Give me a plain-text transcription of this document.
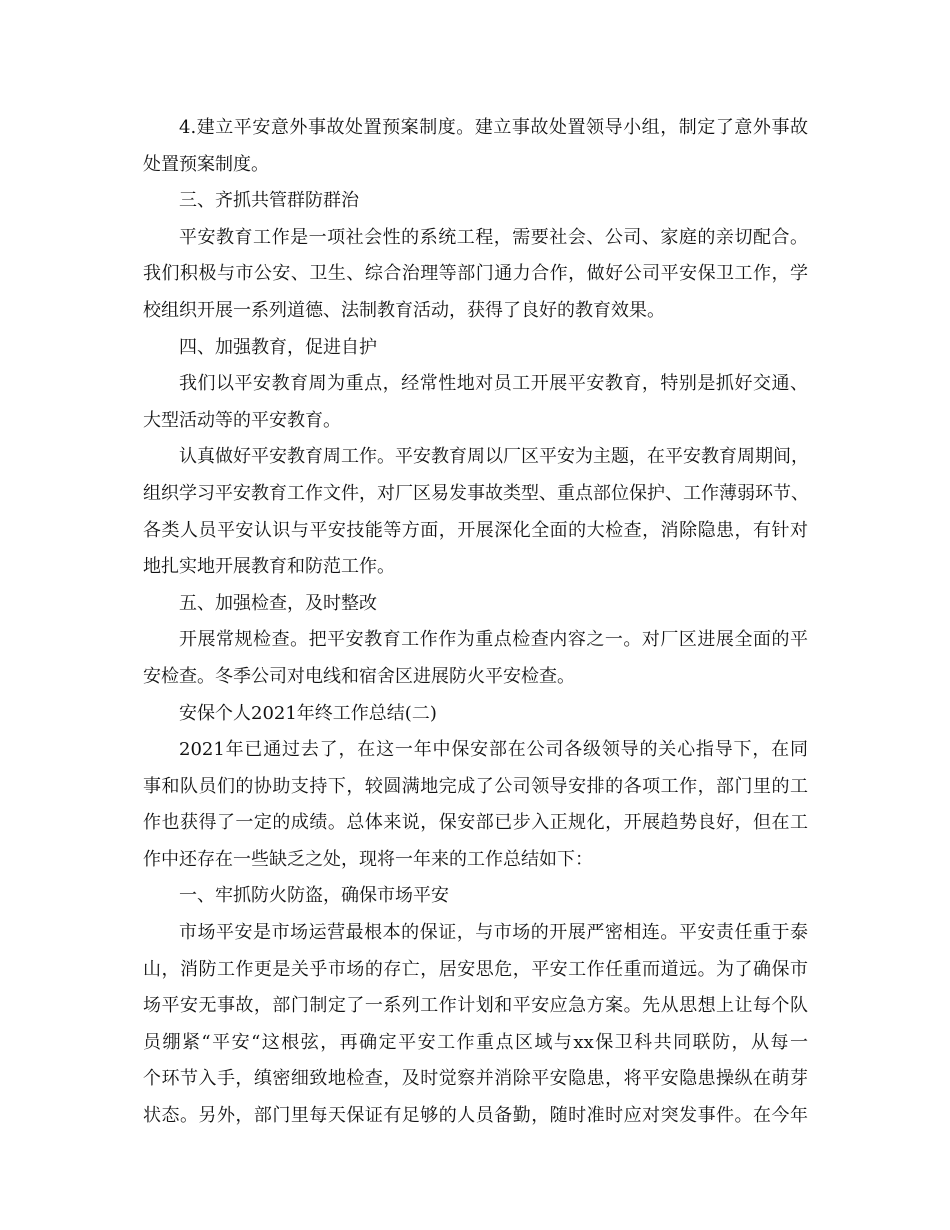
4.建立平安意外事故处置预案制度。建立事故处置领导小组，制定了意外事故
处置预案制度。
三、齐抓共管群防群治
平安教育工作是一项社会性的系统工程，需要社会、公司、家庭的亲切配合。
我们积极与市公安、卫生、综合治理等部门通力合作，做好公司平安保卫工作，学
校组织开展一系列道德、法制教育活动，获得了良好的教育效果。
四、加强教育，促进自护
我们以平安教育周为重点，经常性地对员工开展平安教育，特别是抓好交通、
大型活动等的平安教育。
认真做好平安教育周工作。平安教育周以厂区平安为主题，在平安教育周期间，
组织学习平安教育工作文件，对厂区易发事故类型、重点部位保护、工作薄弱环节、
各类人员平安认识与平安技能等方面，开展深化全面的大检查，消除隐患，有针对
地扎实地开展教育和防范工作。
五、加强检查，及时整改
开展常规检查。把平安教育工作作为重点检查内容之一。对厂区进展全面的平
安检查。冬季公司对电线和宿舍区进展防火平安检查。
安保个人2021年终工作总结(二)
2021年已通过去了，在这一年中保安部在公司各级领导的关心指导下，在同
事和队员们的协助支持下，较圆满地完成了公司领导安排的各项工作，部门里的工
作也获得了一定的成绩。总体来说，保安部已步入正规化，开展趋势良好，但在工
作中还存在一些缺乏之处，现将一年来的工作总结如下：
一、牢抓防火防盗，确保市场平安
市场平安是市场运营最根本的保证，与市场的开展严密相连。平安责任重于泰
山，消防工作更是关乎市场的存亡，居安思危，平安工作任重而道远。为了确保市
场平安无事故，部门制定了一系列工作计划和平安应急方案。先从思想上让每个队
员绷紧“平安“这根弦，再确定平安工作重点区域与xx保卫科共同联防，从每一
个环节入手，缜密细致地检查，及时觉察并消除平安隐患，将平安隐患操纵在萌芽
状态。另外，部门里每天保证有足够的人员备勤，随时准时应对突发事件。在今年
